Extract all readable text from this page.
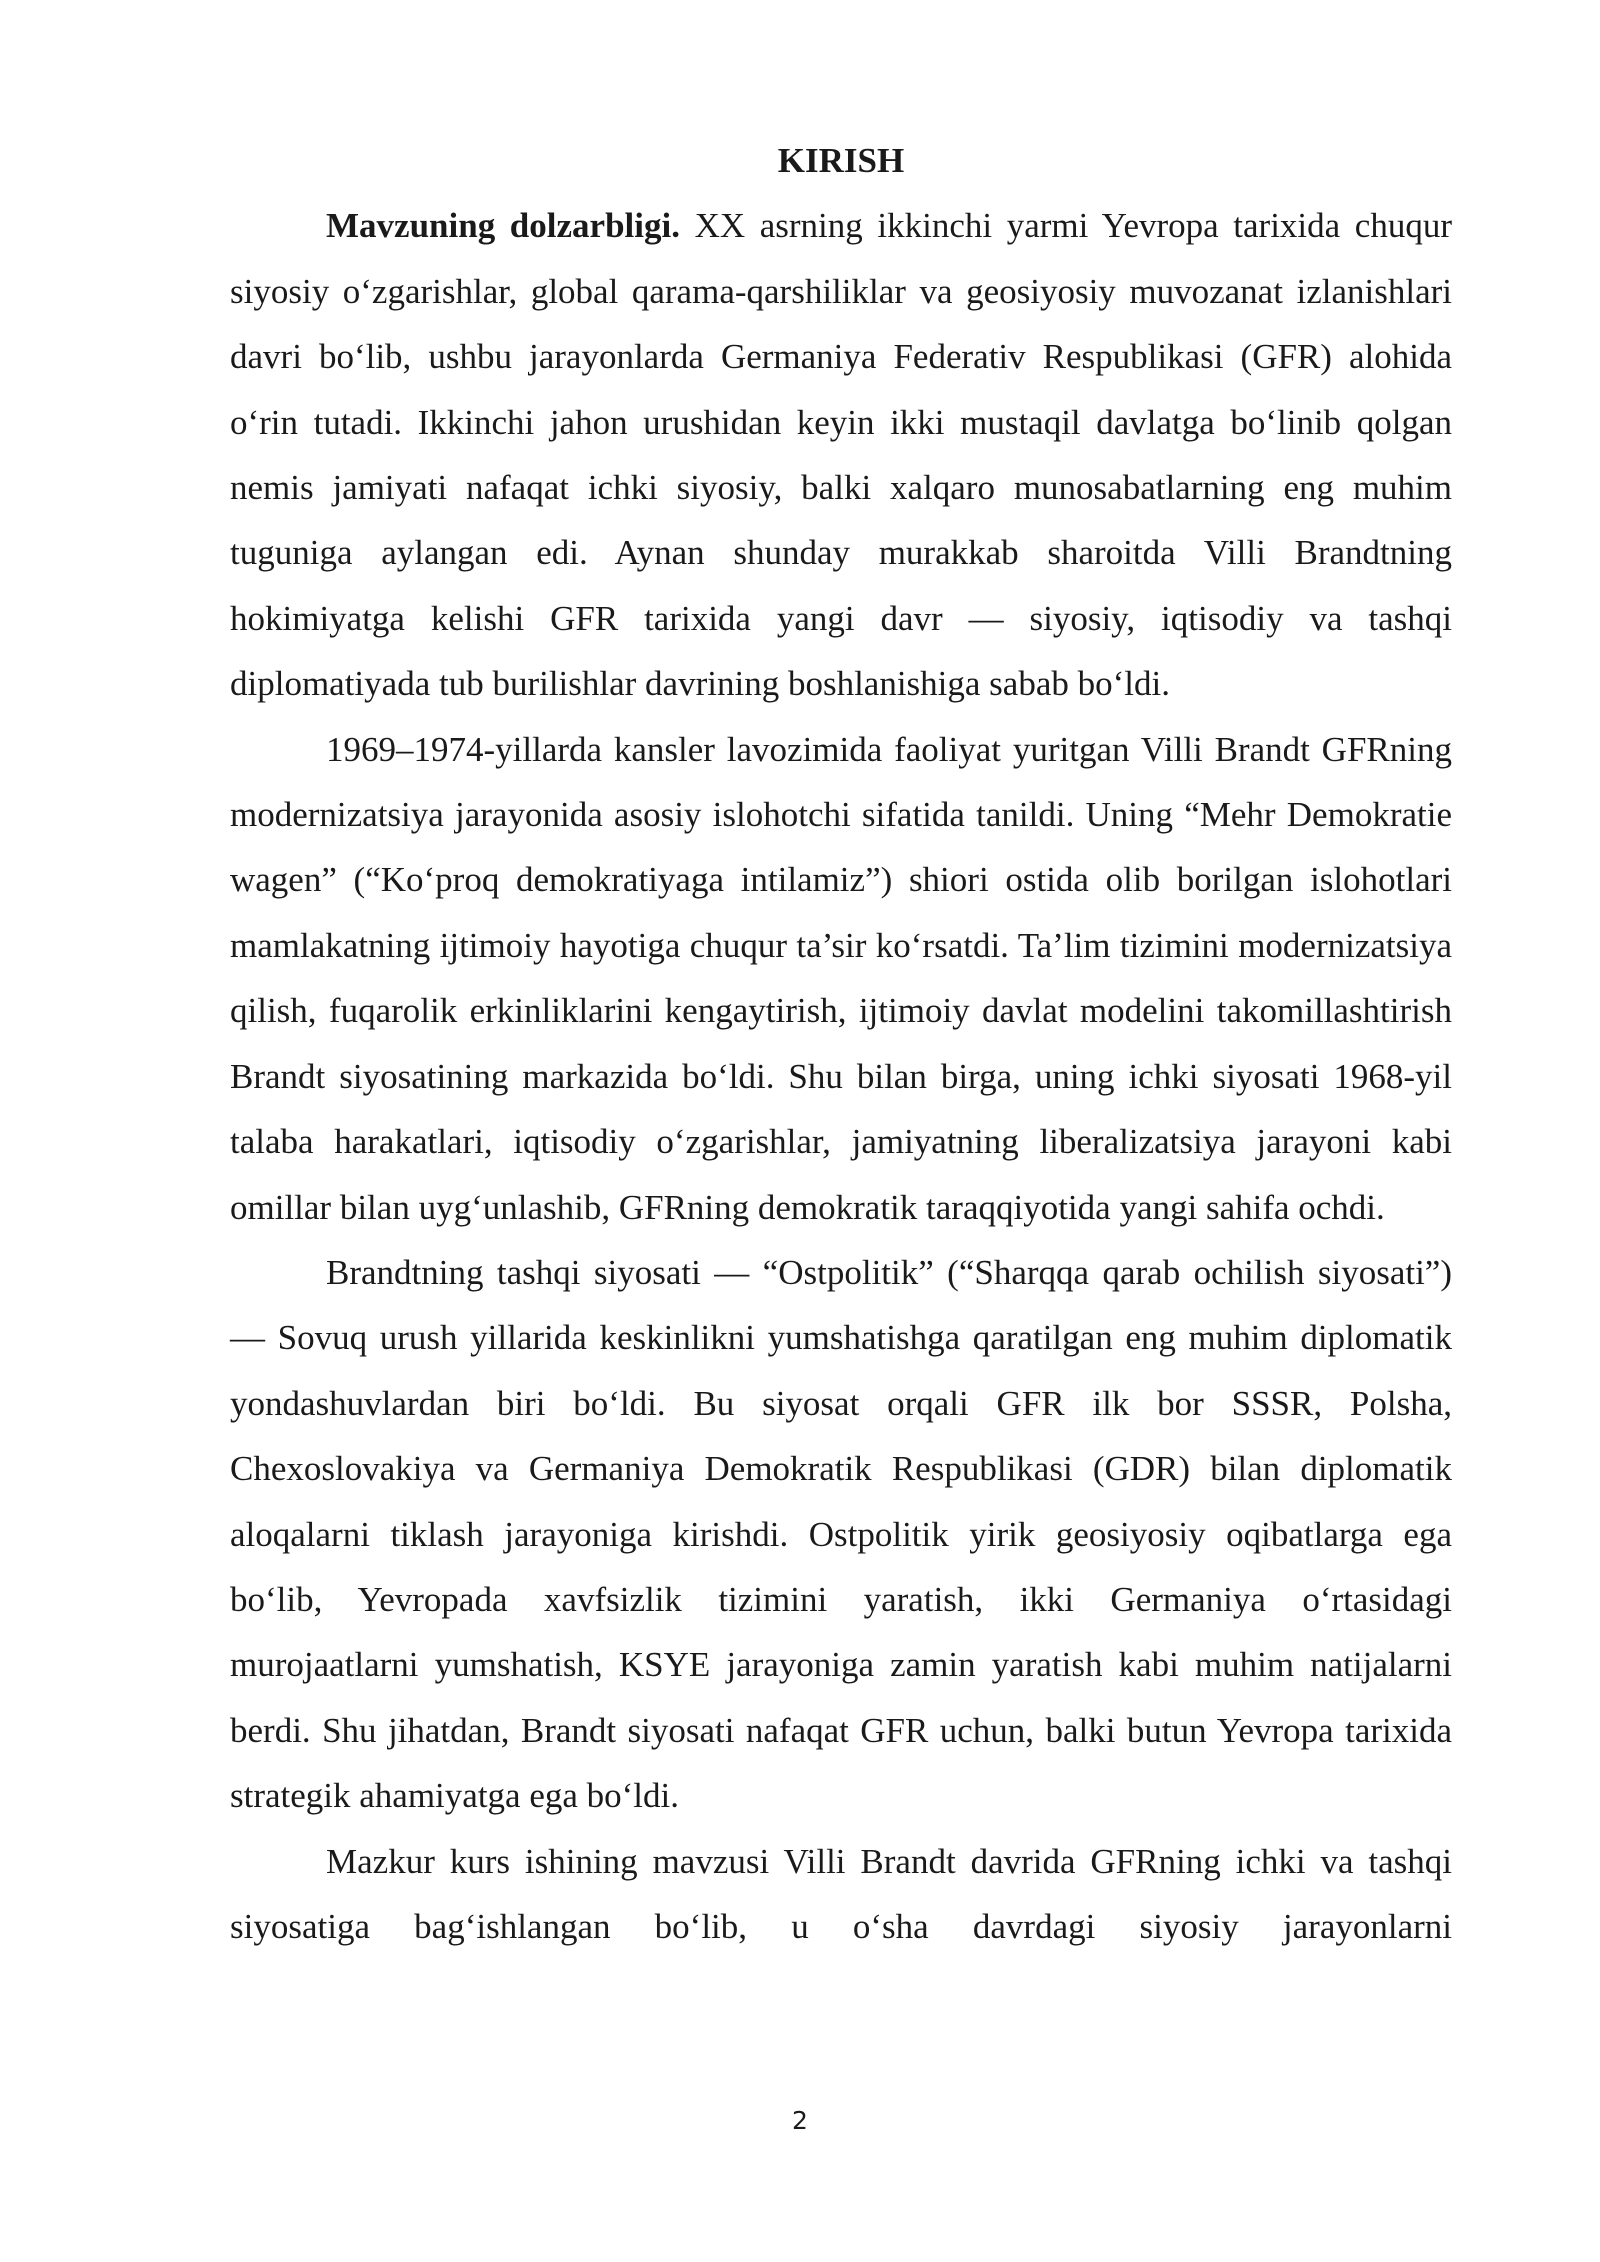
KIRISH

Mavzuning dolzarbligi. XX asrning ikkinchi yarmi Yevropa tarixida chuqur siyosiy o‘zgarishlar, global qarama-qarshiliklar va geosiyosiy muvozanat izlanishlari davri bo‘lib, ushbu jarayonlarda Germaniya Federativ Respublikasi (GFR) alohida o‘rin tutadi. Ikkinchi jahon urushidan keyin ikki mustaqil davlatga bo‘linib qolgan nemis jamiyati nafaqat ichki siyosiy, balki xalqaro munosabatlarning eng muhim tuguniga aylangan edi. Aynan shunday murakkab sharoitda Villi Brandtning hokimiyatga kelishi GFR tarixida yangi davr — siyosiy, iqtisodiy va tashqi diplomatiyada tub burilishlar davrining boshlanishiga sabab bo‘ldi.

1969–1974-yillarda kansler lavozimida faoliyat yuritgan Villi Brandt GFRning modernizatsiya jarayonida asosiy islohotchi sifatida tanildi. Uning “Mehr Demokratie wagen” (“Ko‘proq demokratiyaga intilamiz”) shiori ostida olib borilgan islohotlari mamlakatning ijtimoiy hayotiga chuqur ta’sir ko‘rsatdi. Ta’lim tizimini modernizatsiya qilish, fuqarolik erkinliklarini kengaytirish, ijtimoiy davlat modelini takomillashtirish Brandt siyosatining markazida bo‘ldi. Shu bilan birga, uning ichki siyosati 1968-yil talaba harakatlari, iqtisodiy o‘zgarishlar, jamiyatning liberalizatsiya jarayoni kabi omillar bilan uyg‘unlashib, GFRning demokratik taraqqiyotida yangi sahifa ochdi.

Brandtning tashqi siyosati — “Ostpolitik” (“Sharqqa qarab ochilish siyosati”) — Sovuq urush yillarida keskinlikni yumshatishga qaratilgan eng muhim diplomatik yondashuvlardan biri bo‘ldi. Bu siyosat orqali GFR ilk bor SSSR, Polsha, Chexoslovakiya va Germaniya Demokratik Respublikasi (GDR) bilan diplomatik aloqalarni tiklash jarayoniga kirishdi. Ostpolitik yirik geosiyosiy oqibatlarga ega bo‘lib, Yevropada xavfsizlik tizimini yaratish, ikki Germaniya o‘rtasidagi murojaatlarni yumshatish, KSYE jarayoniga zamin yaratish kabi muhim natijalarni berdi. Shu jihatdan, Brandt siyosati nafaqat GFR uchun, balki butun Yevropa tarixida strategik ahamiyatga ega bo‘ldi.

Mazkur kurs ishining mavzusi Villi Brandt davrida GFRning ichki va tashqi siyosatiga bag‘ishlangan bo‘lib, u o‘sha davrdagi siyosiy jarayonlarni

2
